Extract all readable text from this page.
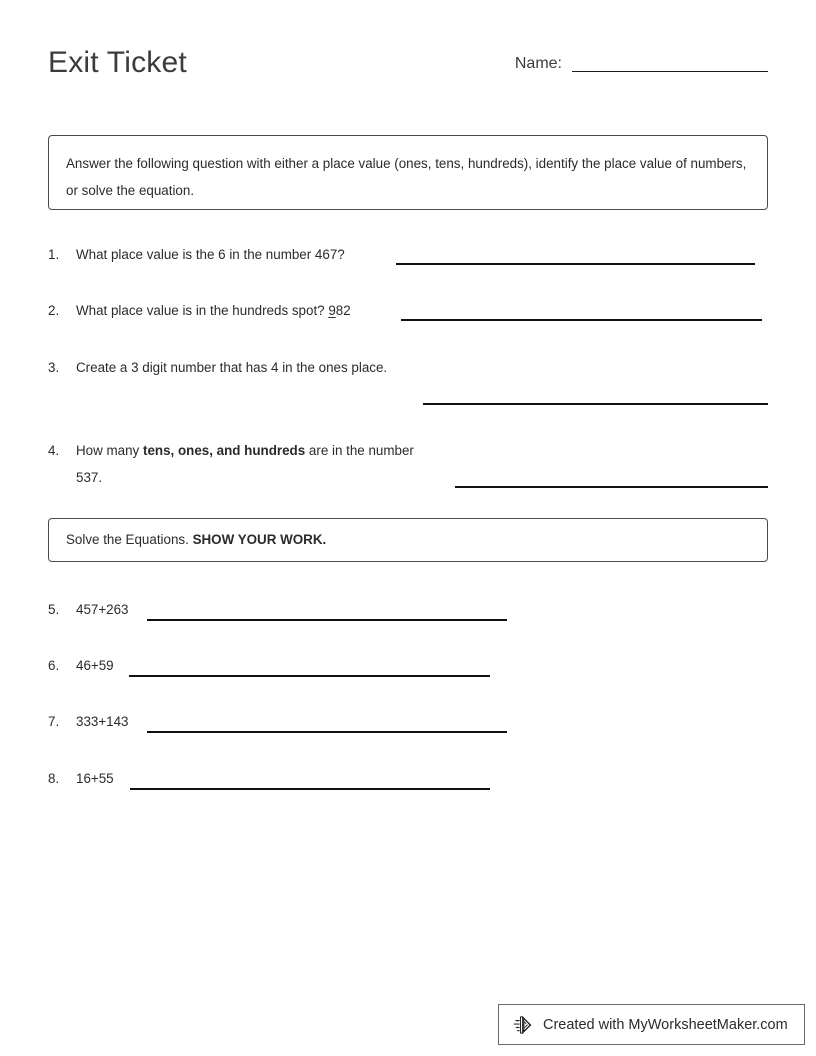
Exit Ticket	Name:

Answer the following question with either a place value (ones, tens, hundreds), identify the place value of numbers, or solve the equation.

1.	What place value is the 6 in the number 467?
2.	What place value is in the hundreds spot? 982
3.	Create a 3 digit number that has 4 in the ones place.
4.	How many tens, ones, and hundreds are in the number 537.

Solve the Equations. SHOW YOUR WORK.

5.	457+263
6.	46+59
7.	333+143
8.	16+55
Created with MyWorksheetMaker.com
